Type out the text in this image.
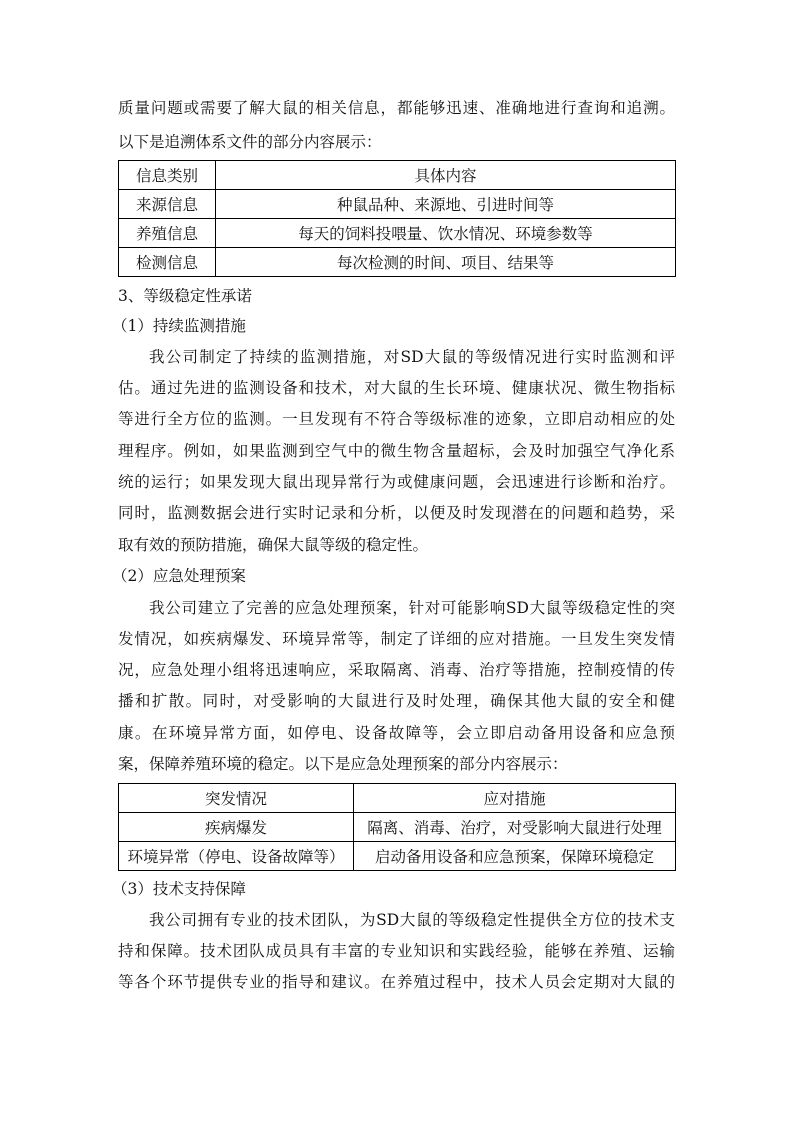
质量问题或需要了解大鼠的相关信息，都能够迅速、准确地进行查询和追溯。
以下是追溯体系文件的部分内容展示：
信息类别	具体内容
来源信息	种鼠品种、来源地、引进时间等
养殖信息	每天的饲料投喂量、饮水情况、环境参数等
检测信息	每次检测的时间、项目、结果等
3、等级稳定性承诺
（1）持续监测措施
我公司制定了持续的监测措施，对SD大鼠的等级情况进行实时监测和评
估。通过先进的监测设备和技术，对大鼠的生长环境、健康状况、微生物指标
等进行全方位的监测。一旦发现有不符合等级标准的迹象，立即启动相应的处
理程序。例如，如果监测到空气中的微生物含量超标，会及时加强空气净化系
统的运行；如果发现大鼠出现异常行为或健康问题，会迅速进行诊断和治疗。
同时，监测数据会进行实时记录和分析，以便及时发现潜在的问题和趋势，采
取有效的预防措施，确保大鼠等级的稳定性。
（2）应急处理预案
我公司建立了完善的应急处理预案，针对可能影响SD大鼠等级稳定性的突
发情况，如疾病爆发、环境异常等，制定了详细的应对措施。一旦发生突发情
况，应急处理小组将迅速响应，采取隔离、消毒、治疗等措施，控制疫情的传
播和扩散。同时，对受影响的大鼠进行及时处理，确保其他大鼠的安全和健
康。在环境异常方面，如停电、设备故障等，会立即启动备用设备和应急预
案，保障养殖环境的稳定。以下是应急处理预案的部分内容展示：
突发情况	应对措施
疾病爆发	隔离、消毒、治疗，对受影响大鼠进行处理
环境异常（停电、设备故障等）	启动备用设备和应急预案，保障环境稳定
（3）技术支持保障
我公司拥有专业的技术团队，为SD大鼠的等级稳定性提供全方位的技术支
持和保障。技术团队成员具有丰富的专业知识和实践经验，能够在养殖、运输
等各个环节提供专业的指导和建议。在养殖过程中，技术人员会定期对大鼠的
